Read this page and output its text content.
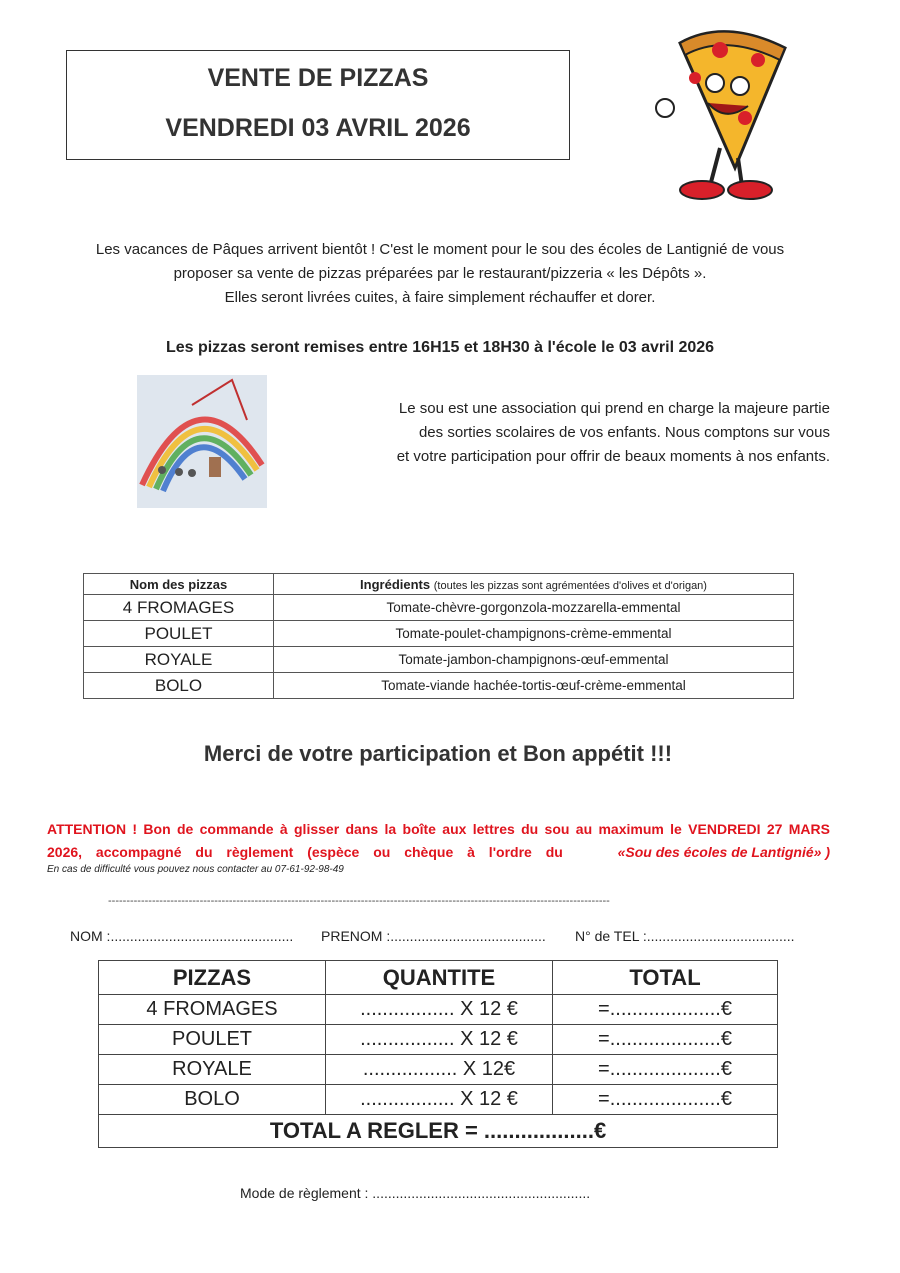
VENTE DE PIZZAS
VENDREDI 03 AVRIL 2026
Les vacances de Pâques arrivent bientôt ! C'est le moment pour le sou des écoles de Lantignié de vous
proposer sa vente de pizzas préparées par le restaurant/pizzeria « les Dépôts ».
Elles seront livrées cuites, à faire simplement réchauffer et dorer.
Les pizzas seront remises entre 16H15 et 18H30 à l'école le 03 avril 2026
Le sou est une association qui prend en charge la majeure partie
des sorties scolaires de vos enfants. Nous comptons sur vous
et votre participation pour offrir de beaux moments à nos enfants.
Nom des pizzas	Ingrédients (toutes les pizzas sont agrémentées d'olives et d'origan)
4 FROMAGES	Tomate-chèvre-gorgonzola-mozzarella-emmental
POULET	Tomate-poulet-champignons-crème-emmental
ROYALE	Tomate-jambon-champignons-œuf-emmental
BOLO	Tomate-viande hachée-tortis-œuf-crème-emmental
Merci de votre participation et Bon appétit !!!
ATTENTION ! Bon de commande à glisser dans la boîte aux lettres du sou au maximum le VENDREDI 27 MARS
2026, accompagné du règlement (espèce ou chèque à l'ordre du	«Sou des écoles de Lantignié» )
En cas de difficulté vous pouvez nous contacter au 07-61-92-98-49
-----------------------------------------------------------------------------------------------------------------------------------------
NOM :............................................... PRENOM :........................................ N° de TEL :......................................
PIZZAS	QUANTITE	TOTAL
4 FROMAGES	................. X 12 €	=....................€
POULET	................. X 12 €	=....................€
ROYALE	................. X 12€	=....................€
BOLO	................. X 12 €	=....................€
TOTAL A REGLER = ..................€		
Mode de règlement : ........................................................
